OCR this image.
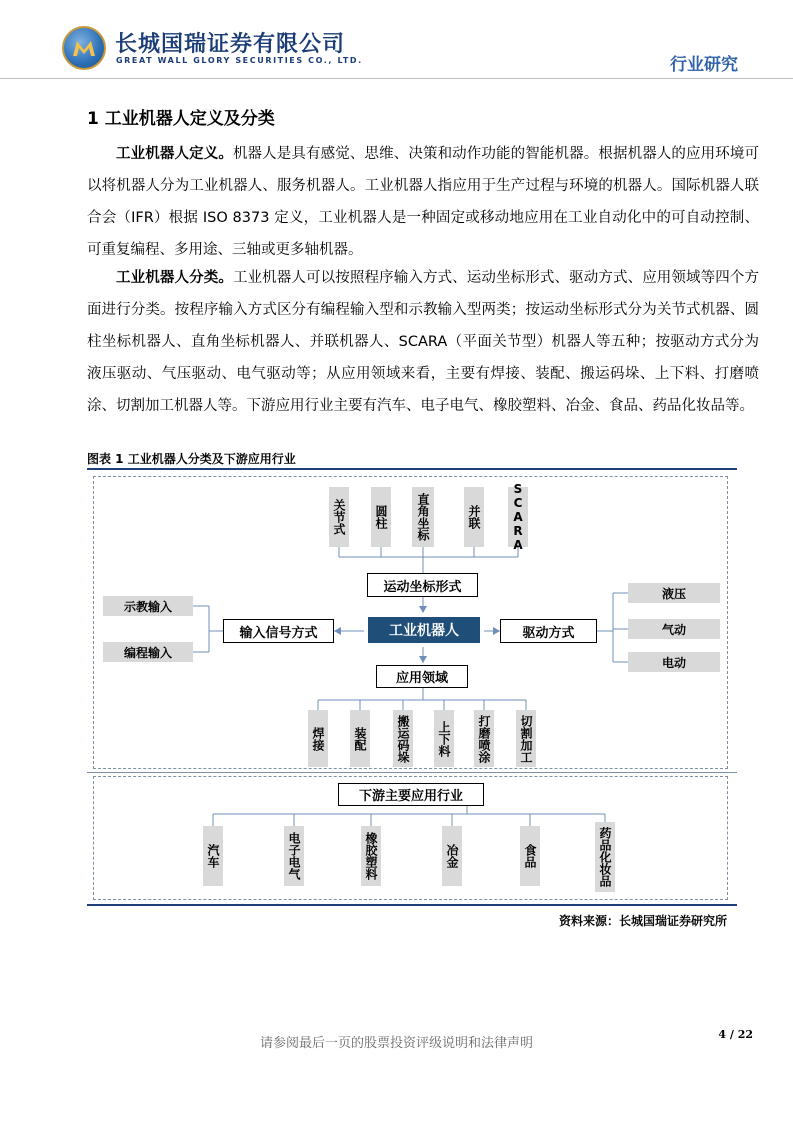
长城国瑞证券有限公司
GREAT WALL GLORY SECURITIES CO., LTD.	行业研究
1 工业机器人定义及分类
工业机器人定义。机器人是具有感觉、思维、决策和动作功能的智能机器。根据机器人的应用环境可以将机器人分为工业机器人、服务机器人。工业机器人指应用于生产过程与环境的机器人。国际机器人联合会（IFR）根据 ISO 8373 定义，工业机器人是一种固定或移动地应用在工业自动化中的可自动控制、可重复编程、多用途、三轴或更多轴机器。
工业机器人分类。工业机器人可以按照程序输入方式、运动坐标形式、驱动方式、应用领域等四个方面进行分类。按程序输入方式区分有编程输入型和示教输入型两类；按运动坐标形式分为关节式机器、圆柱坐标机器人、直角坐标机器人、并联机器人、SCARA（平面关节型）机器人等五种；按驱动方式分为液压驱动、气压驱动、电气驱动等；从应用领域来看，主要有焊接、装配、搬运码垛、上下料、打磨喷涂、切割加工机器人等。下游应用行业主要有汽车、电子电气、橡胶塑料、冶金、食品、药品化妆品等。
图表 1 工业机器人分类及下游应用行业
关节式 圆柱	直角坐标	并联	SCARA
运动坐标形式
工业机器人
示教输入
编程输入
输入信号方式	驱动方式
液压
气动
电动
应用领域
焊接 装配 搬运码垛 上下料 打磨喷涂 切割加工
下游主要应用行业
汽车	电子电气	橡胶塑料	冶金	食品	药品化妆品
资料来源：长城国瑞证券研究所
请参阅最后一页的股票投资评级说明和法律声明
4 / 22
